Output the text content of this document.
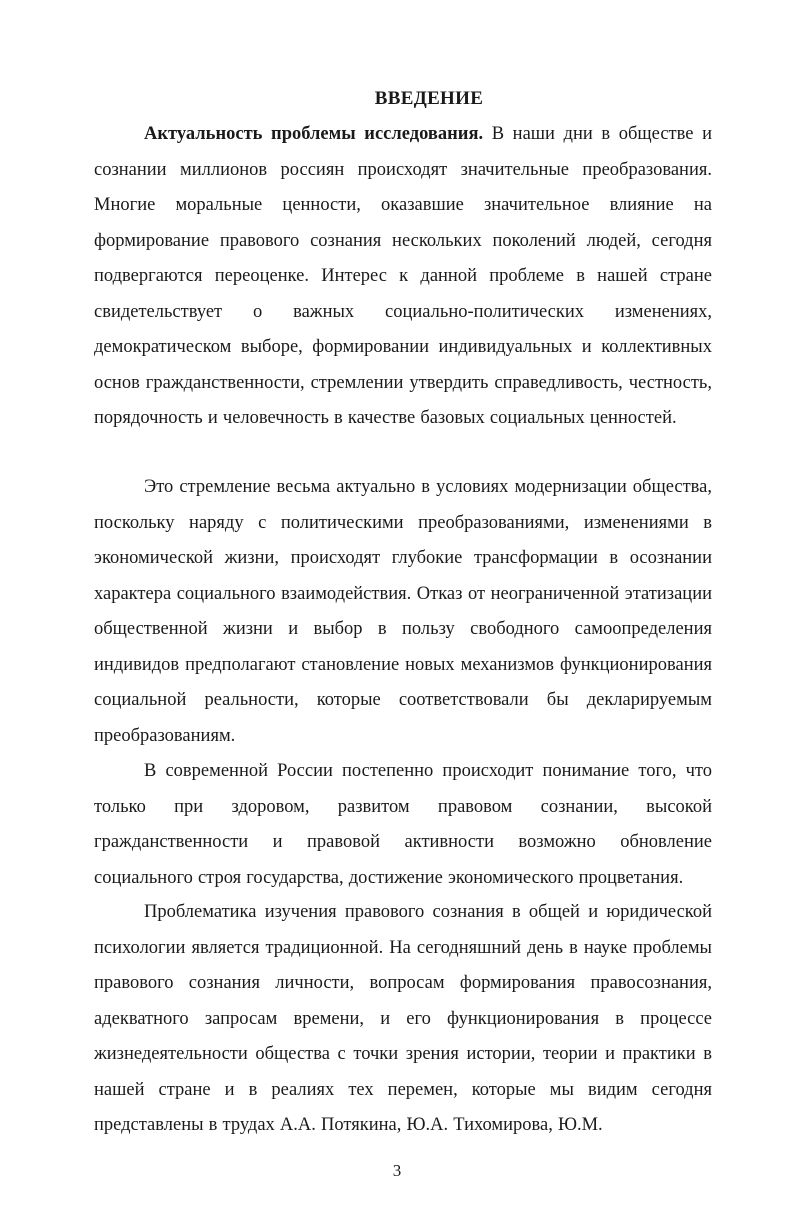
ВВЕДЕНИЕ

Актуальность проблемы исследования. В наши дни в обществе и сознании миллионов россиян происходят значительные преобразования. Многие моральные ценности, оказавшие значительное влияние на формирование правового сознания нескольких поколений людей, сегодня подвергаются переоценке. Интерес к данной проблеме в нашей стране свидетельствует о важных социально-политических изменениях, демократическом выборе, формировании индивидуальных и коллективных основ гражданственности, стремлении утвердить справедливость, честность, порядочность и человечность в качестве базовых социальных ценностей.

Это стремление весьма актуально в условиях модернизации общества, поскольку наряду с политическими преобразованиями, изменениями в экономической жизни, происходят глубокие трансформации в осознании характера социального взаимодействия. Отказ от неограниченной этатизации общественной жизни и выбор в пользу свободного самоопределения индивидов предполагают становление новых механизмов функционирования социальной реальности, которые соответствовали бы декларируемым преобразованиям.

В современной России постепенно происходит понимание того, что только при здоровом, развитом правовом сознании, высокой гражданственности и правовой активности возможно обновление социального строя государства, достижение экономического процветания.

Проблематика изучения правового сознания в общей и юридической психологии является традиционной. На сегодняшний день в науке проблемы правового сознания личности, вопросам формирования правосознания, адекватного запросам времени, и его функционирования в процессе жизнедеятельности общества с точки зрения истории, теории и практики в нашей стране и в реалиях тех перемен, которые мы видим сегодня представлены в трудах А.А. Потякина, Ю.А. Тихомирова, Ю.М.

3
